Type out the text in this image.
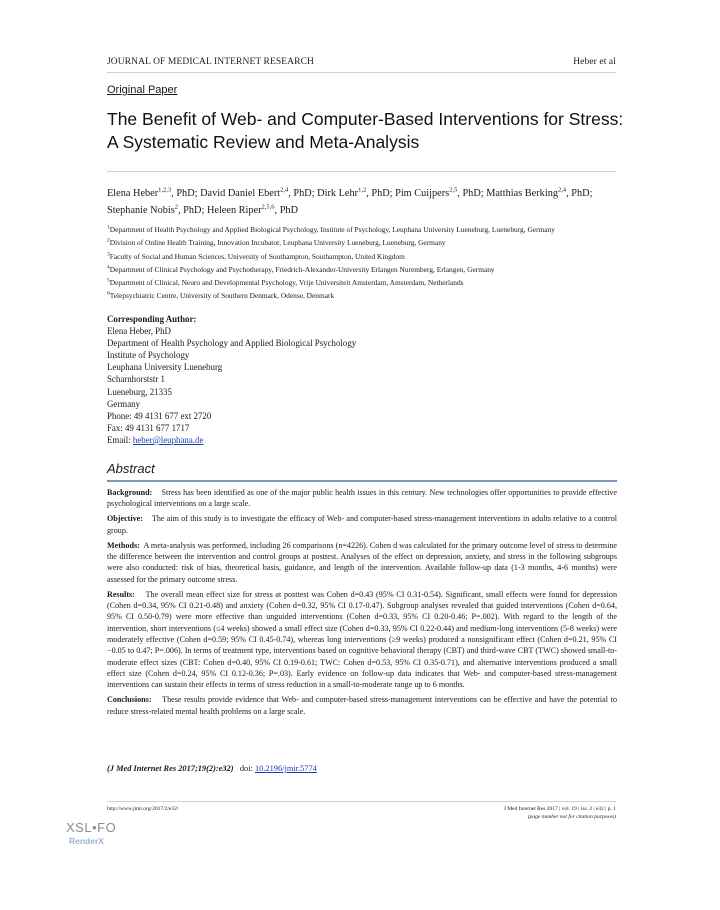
JOURNAL OF MEDICAL INTERNET RESEARCH	Heber et al
Original Paper
The Benefit of Web- and Computer-Based Interventions for Stress:
A Systematic Review and Meta-Analysis
Elena Heber$^{1,2,3}$, PhD; David Daniel Ebert$^{2,4}$, PhD; Dirk Lehr$^{1,2}$, PhD; Pim Cuijpers$^{2,5}$, PhD; Matthias Berking$^{2,4}$, PhD; Stephanie Nobis$^2$, PhD; Heleen Riper$^{2,5,6}$, PhD
$^1$Department of Health Psychology and Applied Biological Psychology, Institute of Psychology, Leuphana University Lueneburg, Lueneburg, Germany
$^2$Division of Online Health Training, Innovation Incubator, Leuphana University Lueneburg, Lueneburg, Germany
$^3$Faculty of Social and Human Sciences, University of Southampton, Southampton, United Kingdom
$^4$Department of Clinical Psychology and Psychotherapy, Friedrich-Alexander-University Erlangen Nuremberg, Erlangen, Germany
$^5$Department of Clinical, Neuro and Developmental Psychology, Vrije Universiteit Amsterdam, Amsterdam, Netherlands
$^6$Telepsychiatric Centre, University of Southern Denmark, Odense, Denmark
Corresponding Author:
Elena Heber, PhD
Department of Health Psychology and Applied Biological Psychology
Institute of Psychology
Leuphana University Lueneburg
Scharnhorststr 1
Lueneburg, 21335
Germany
Phone: 49 4131 677 ext 2720
Fax: 49 4131 677 1717
Email: heber@leuphana.de
Abstract

Background: Stress has been identified as one of the major public health issues in this century. New technologies offer opportunities to provide effective psychological interventions on a large scale.

Objective: The aim of this study is to investigate the efficacy of Web- and computer-based stress-management interventions in adults relative to a control group.

Methods: A meta-analysis was performed, including 26 comparisons (n=4226). Cohen d was calculated for the primary outcome level of stress to determine the difference between the intervention and control groups at posttest. Analyses of the effect on depression, anxiety, and stress in the following subgroups were also conducted: risk of bias, theoretical basis, guidance, and length of the intervention. Available follow-up data (1-3 months, 4-6 months) were assessed for the primary outcome stress.

Results: The overall mean effect size for stress at posttest was Cohen d=0.43 (95% CI 0.31-0.54). Significant, small effects were found for depression (Cohen d=0.34, 95% CI 0.21-0.48) and anxiety (Cohen d=0.32, 95% CI 0.17-0.47). Subgroup analyses revealed that guided interventions (Cohen d=0.64, 95% CI 0.50-0.79) were more effective than unguided interventions (Cohen d=0.33, 95% CI 0.20-0.46; P=.002). With regard to the length of the intervention, short interventions (≤4 weeks) showed a small effect size (Cohen d=0.33, 95% CI 0.22-0.44) and medium-long interventions (5-8 weeks) were moderately effective (Cohen d=0.59; 95% CI 0.45-0.74), whereas long interventions (≥9 weeks) produced a nonsignificant effect (Cohen d=0.21, 95% CI −0.05 to 0.47; P=.006). In terms of treatment type, interventions based on cognitive behavioral therapy (CBT) and third-wave CBT (TWC) showed small-to-moderate effect sizes (CBT: Cohen d=0.40, 95% CI 0.19-0.61; TWC: Cohen d=0.53, 95% CI 0.35-0.71), and alternative interventions produced a small effect size (Cohen d=0.24, 95% CI 0.12-0.36; P=.03). Early evidence on follow-up data indicates that Web- and computer-based stress-management interventions can sustain their effects in terms of stress reduction in a small-to-moderate range up to 6 months.

Conclusions: These results provide evidence that Web- and computer-based stress-management interventions can be effective and have the potential to reduce stress-related mental health problems on a large scale.

(J Med Internet Res 2017;19(2):e32) doi: 10.2196/jmir.5774
http://www.jmir.org/2017/2/e32/	J Med Internet Res 2017 | vol. 19 | iss. 2 | e32 | p. 1
(page number not for citation purposes)
XSL•FO
RenderX
